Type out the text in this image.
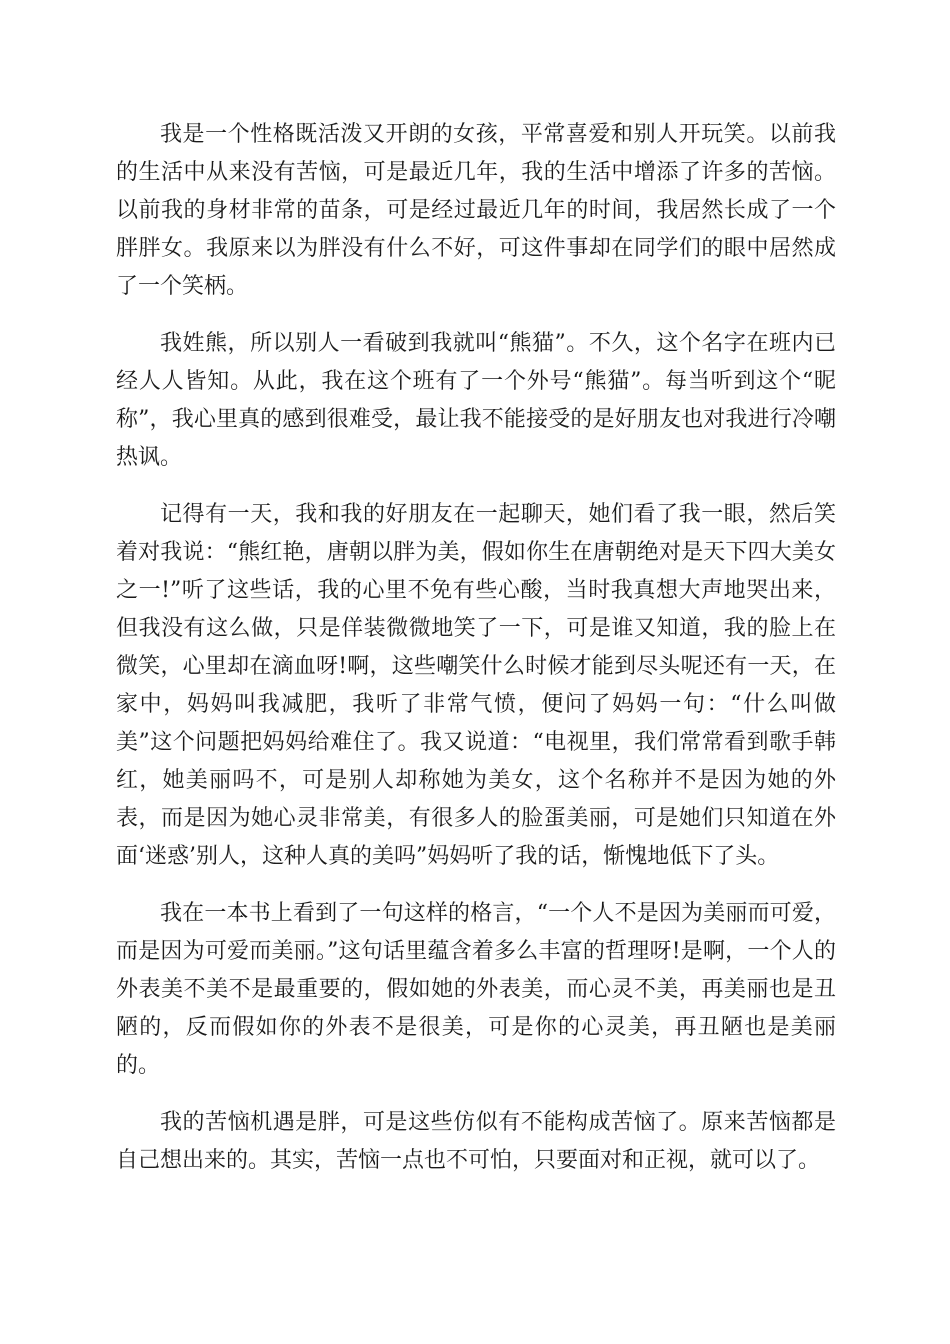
我是一个性格既活泼又开朗的女孩，平常喜爱和别人开玩笑。以前我的生活中从来没有苦恼，可是最近几年，我的生活中增添了许多的苦恼。以前我的身材非常的苗条，可是经过最近几年的时间，我居然长成了一个胖胖女。我原来以为胖没有什么不好，可这件事却在同学们的眼中居然成了一个笑柄。

我姓熊，所以别人一看破到我就叫“熊猫”。不久，这个名字在班内已经人人皆知。从此，我在这个班有了一个外号“熊猫”。每当听到这个“昵称”，我心里真的感到很难受，最让我不能接受的是好朋友也对我进行冷嘲热讽。

记得有一天，我和我的好朋友在一起聊天，她们看了我一眼，然后笑着对我说：“熊红艳，唐朝以胖为美，假如你生在唐朝绝对是天下四大美女之一!”听了这些话，我的心里不免有些心酸，当时我真想大声地哭出来，但我没有这么做，只是佯装微微地笑了一下，可是谁又知道，我的脸上在微笑，心里却在滴血呀!啊，这些嘲笑什么时候才能到尽头呢还有一天，在家中，妈妈叫我减肥，我听了非常气愤，便问了妈妈一句：“什么叫做美”这个问题把妈妈给难住了。我又说道：“电视里，我们常常看到歌手韩红，她美丽吗不，可是别人却称她为美女，这个名称并不是因为她的外表，而是因为她心灵非常美，有很多人的脸蛋美丽，可是她们只知道在外面‘迷惑’别人，这种人真的美吗”妈妈听了我的话，惭愧地低下了头。

我在一本书上看到了一句这样的格言，“一个人不是因为美丽而可爱，而是因为可爱而美丽。”这句话里蕴含着多么丰富的哲理呀!是啊，一个人的外表美不美不是最重要的，假如她的外表美，而心灵不美，再美丽也是丑陋的，反而假如你的外表不是很美，可是你的心灵美，再丑陋也是美丽的。

我的苦恼机遇是胖，可是这些仿似有不能构成苦恼了。原来苦恼都是自己想出来的。其实，苦恼一点也不可怕，只要面对和正视，就可以了。
